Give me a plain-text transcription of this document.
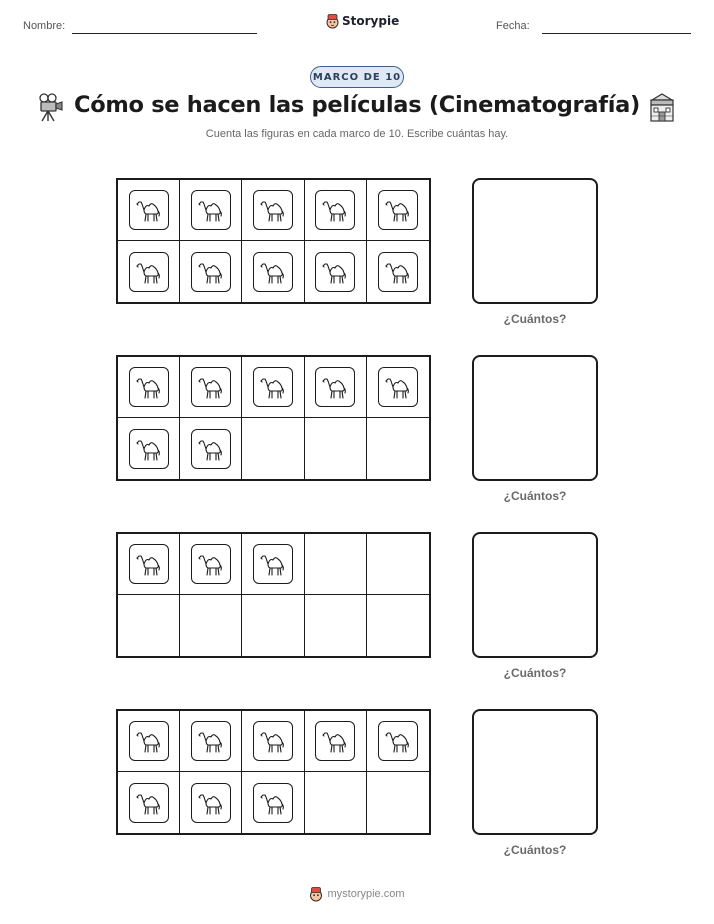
Nombre:	Storypie	Fecha:
MARCO DE 10
Cómo se hacen las películas (Cinematografía)
Cuenta las figuras en cada marco de 10. Escribe cuántas hay.
¿Cuántos?
¿Cuántos?
¿Cuántos?
¿Cuántos?
mystorypie.com
